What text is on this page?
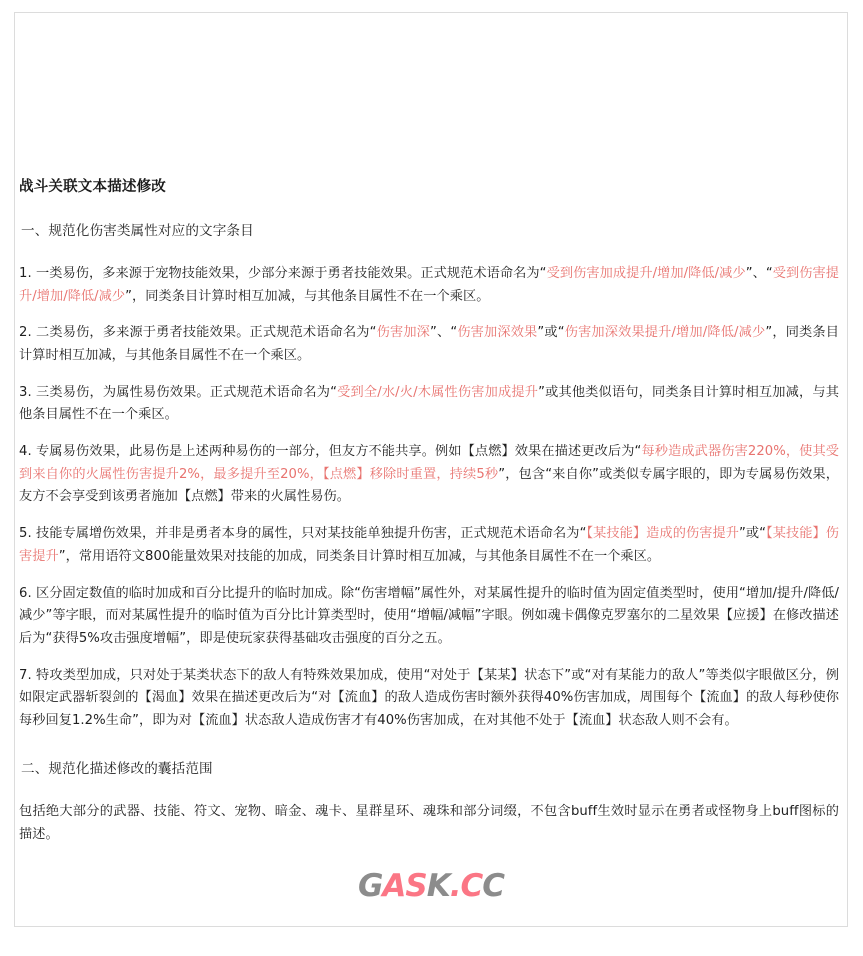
战斗关联文本描述修改
一、规范化伤害类属性对应的文字条目

1. 一类易伤，多来源于宠物技能效果，少部分来源于勇者技能效果。正式规范术语命名为“受到伤害加成提升/增加/降低/减少”、“受到伤害提升/增加/降低/减少”，同类条目计算时相互加减，与其他条目属性不在一个乘区。

2. 二类易伤，多来源于勇者技能效果。正式规范术语命名为“伤害加深”、“伤害加深效果”或“伤害加深效果提升/增加/降低/减少”，同类条目计算时相互加减，与其他条目属性不在一个乘区。

3. 三类易伤，为属性易伤效果。正式规范术语命名为“受到全/水/火/木属性伤害加成提升”或其他类似语句，同类条目计算时相互加减，与其他条目属性不在一个乘区。

4. 专属易伤效果，此易伤是上述两种易伤的一部分，但友方不能共享。例如【点燃】效果在描述更改后为“每秒造成武器伤害220%，使其受到来自你的火属性伤害提升2%，最多提升至20%，【点燃】移除时重置，持续5秒”，包含“来自你”或类似专属字眼的，即为专属易伤效果，友方不会享受到该勇者施加【点燃】带来的火属性易伤。

5. 技能专属增伤效果，并非是勇者本身的属性，只对某技能单独提升伤害，正式规范术语命名为“【某技能】造成的伤害提升”或“【某技能】伤害提升”，常用语符文800能量效果对技能的加成，同类条目计算时相互加减，与其他条目属性不在一个乘区。

6. 区分固定数值的临时加成和百分比提升的临时加成。除“伤害增幅”属性外，对某属性提升的临时值为固定值类型时，使用“增加/提升/降低/减少”等字眼，而对某属性提升的临时值为百分比计算类型时，使用“增幅/减幅”字眼。例如魂卡偶像克罗塞尔的二星效果【应援】在修改描述后为“获得5%攻击强度增幅”，即是使玩家获得基础攻击强度的百分之五。

7. 特攻类型加成，只对处于某类状态下的敌人有特殊效果加成，使用“对处于【某某】状态下”或“对有某能力的敌人”等类似字眼做区分，例如限定武器斩裂剑的【渴血】效果在描述更改后为“对【流血】的敌人造成伤害时额外获得40%伤害加成，周围每个【流血】的敌人每秒使你每秒回复1.2%生命”，即为对【流血】状态敌人造成伤害才有40%伤害加成，在对其他不处于【流血】状态敌人则不会有。

二、规范化描述修改的囊括范围

包括绝大部分的武器、技能、符文、宠物、暗金、魂卡、星群星环、魂珠和部分词缀，不包含buff生效时显示在勇者或怪物身上buff图标的描述。

GASK.CC
